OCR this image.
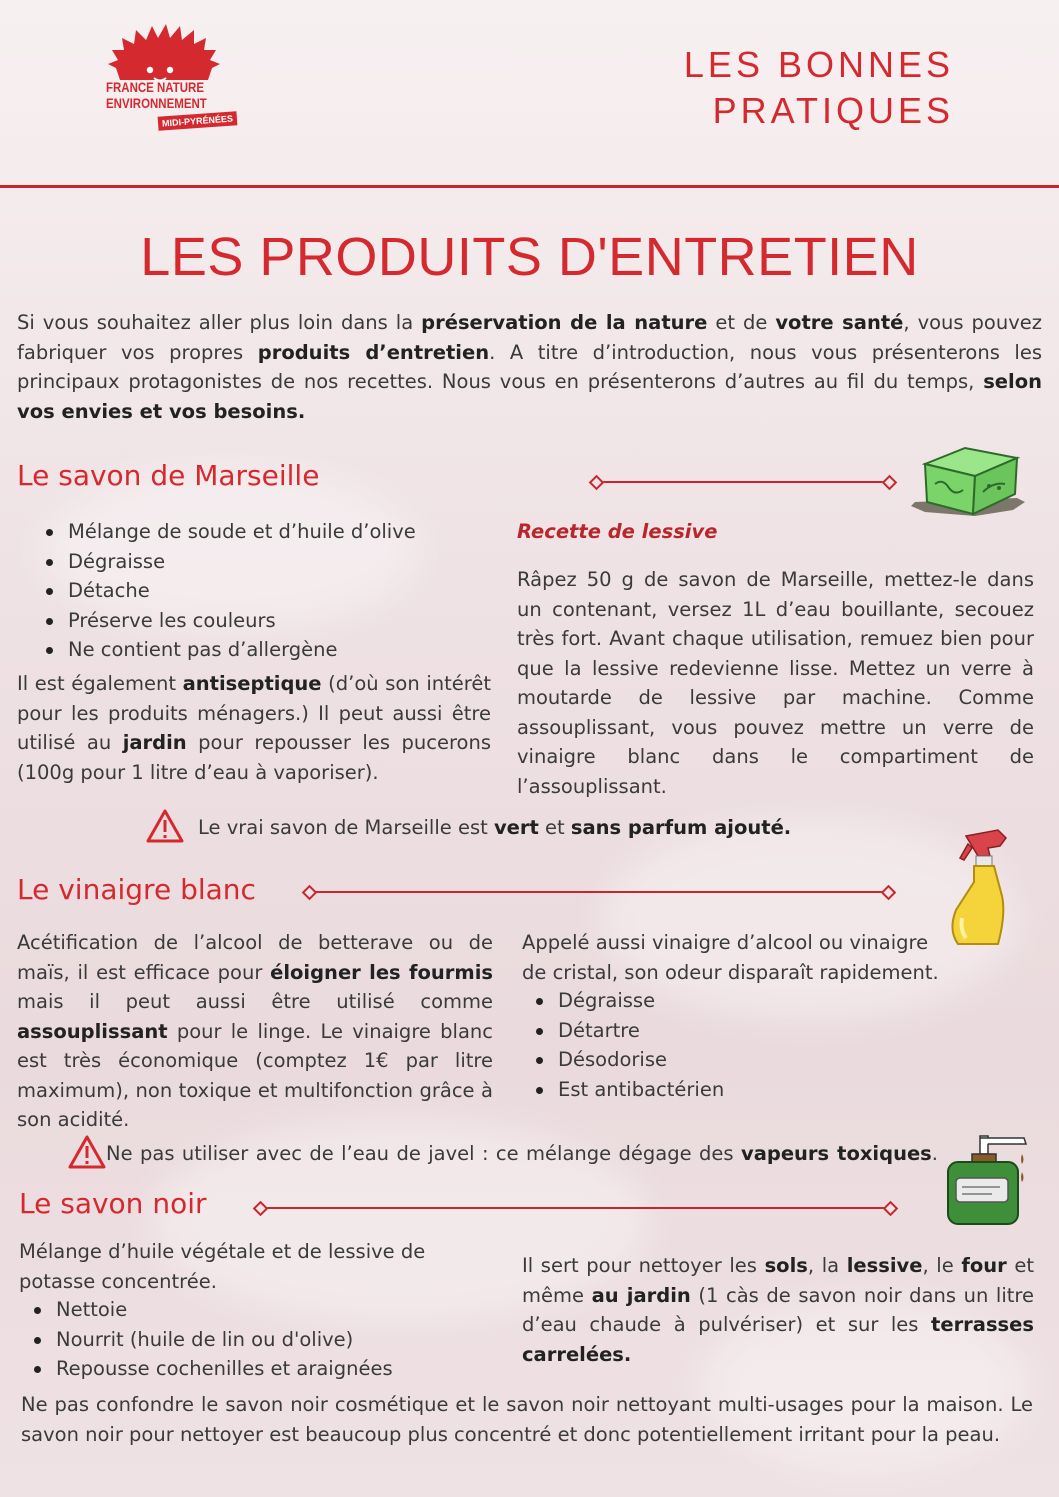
FRANCE NATURE
ENVIRONNEMENT
MIDI-PYRÉNÉES
LES BONNES
PRATIQUES
LES PRODUITS D'ENTRETIEN
Si vous souhaitez aller plus loin dans la préservation de la nature et de votre santé, vous pouvez fabriquer vos propres produits d’entretien. A titre d’introduction, nous vous présenterons les principaux protagonistes de nos recettes. Nous vous en présenterons d’autres au fil du temps, selon vos envies et vos besoins.
Le savon de Marseille
Mélange de soude et d’huile d’olive
Dégraisse
Détache
Préserve les couleurs
Ne contient pas d’allergène
Il est également antiseptique (d’où son intérêt pour les produits ménagers.) Il peut aussi être utilisé au jardin pour repousser les pucerons (100g pour 1 litre d’eau à vaporiser).
Recette de lessive
Râpez 50 g de savon de Marseille, mettez-le dans un contenant, versez 1L d’eau bouillante, secouez très fort. Avant chaque utilisation, remuez bien pour que la lessive redevienne lisse. Mettez un verre à moutarde de lessive par machine. Comme assouplissant, vous pouvez mettre un verre de vinaigre blanc dans le compartiment de l’assouplissant.
Le vrai savon de Marseille est vert et sans parfum ajouté.
Le vinaigre blanc
Acétification de l’alcool de betterave ou de maïs, il est efficace pour éloigner les fourmis mais il peut aussi être utilisé comme assouplissant pour le linge. Le vinaigre blanc est très économique (comptez 1€ par litre maximum), non toxique et multifonction grâce à son acidité.
Appelé aussi vinaigre d’alcool ou vinaigre de cristal, son odeur disparaît rapidement.
Dégraisse
Détartre
Désodorise
Est antibactérien
Ne pas utiliser avec de l’eau de javel : ce mélange dégage des vapeurs toxiques.
Le savon noir
Mélange d’huile végétale et de lessive de potasse concentrée.
Nettoie
Nourrit (huile de lin ou d'olive)
Repousse cochenilles et araignées
Il sert pour nettoyer les sols, la lessive, le four et même au jardin (1 càs de savon noir dans un litre d’eau chaude à pulvériser) et sur les terrasses carrelées.
Ne pas confondre le savon noir cosmétique et le savon noir nettoyant multi-usages pour la maison. Le savon noir pour nettoyer est beaucoup plus concentré et donc potentiellement irritant pour la peau.
